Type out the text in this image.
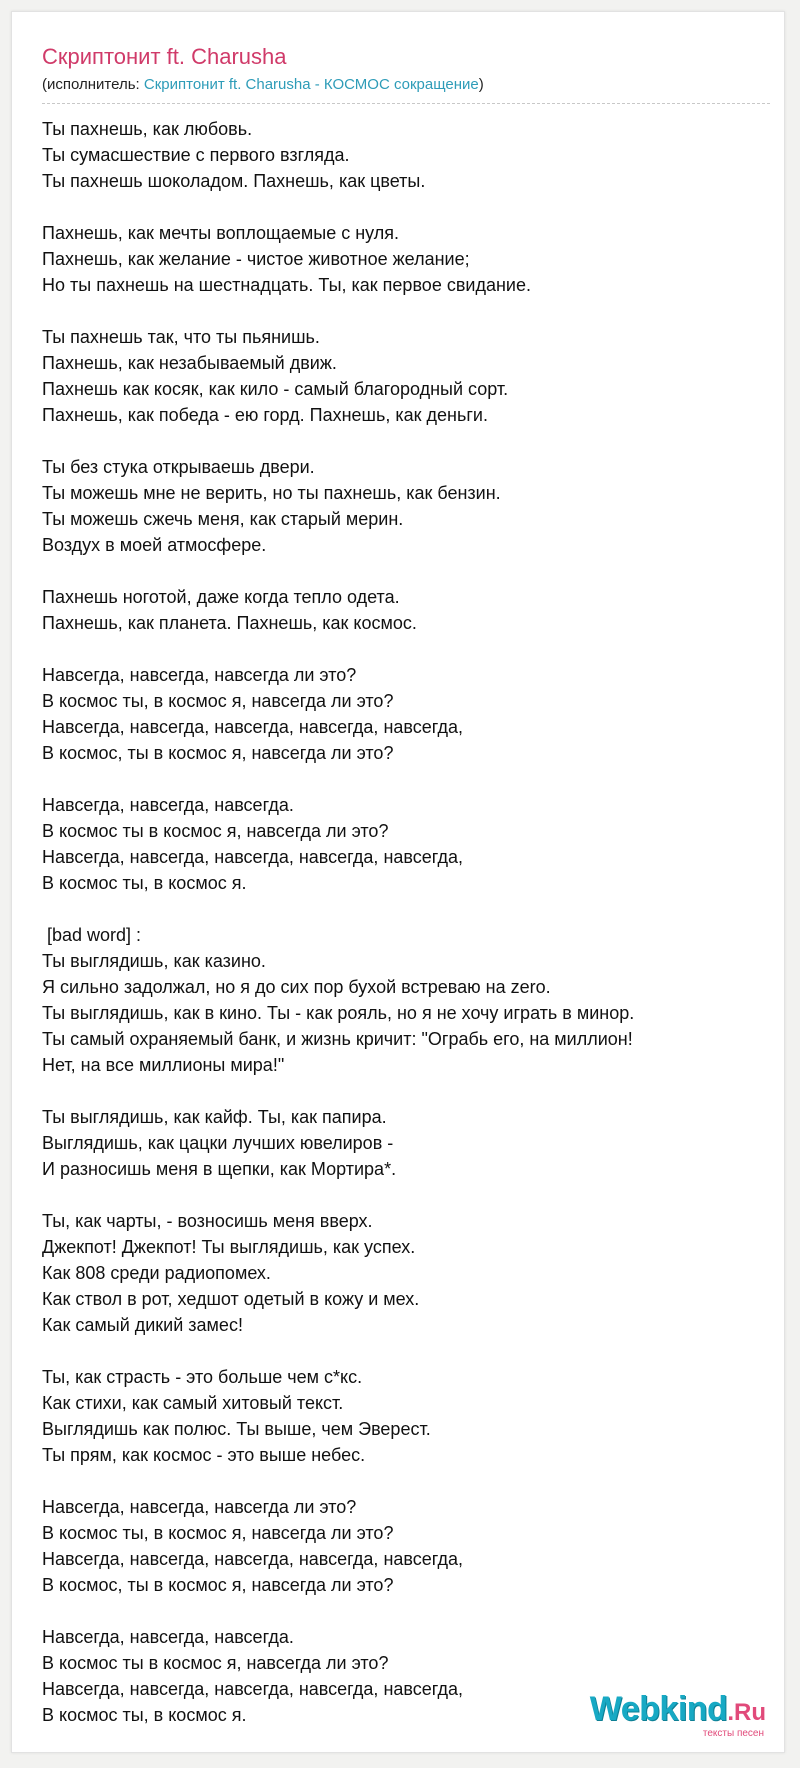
Скриптонит ft. Charusha
(исполнитель: Скриптонит ft. Charusha - КОСМОС сокращение)
Ты пахнешь, как любовь.
Ты сумасшествие с первого взгляда.
Ты пахнешь шоколадом. Пахнешь, как цветы.
Пахнешь, как мечты воплощаемые с нуля.
Пахнешь, как желание - чистое животное желание;
Но ты пахнешь на шестнадцать. Ты, как первое свидание.
Ты пахнешь так, что ты пьянишь.
Пахнешь, как незабываемый движ.
Пахнешь как косяк, как кило - самый благородный сорт.
Пахнешь, как победа - ею горд. Пахнешь, как деньги.
Ты без стука открываешь двери.
Ты можешь мне не верить, но ты пахнешь, как бензин.
Ты можешь сжечь меня, как старый мерин.
Воздух в моей атмосфере.
Пахнешь ноготой, даже когда тепло одета.
Пахнешь, как планета. Пахнешь, как космос.
Навсегда, навсегда, навсегда ли это?
В космос ты, в космос я, навсегда ли это?
Навсегда, навсегда, навсегда, навсегда, навсегда,
В космос, ты в космос я, навсегда ли это?
Навсегда, навсегда, навсегда.
В космос ты в космос я, навсегда ли это?
Навсегда, навсегда, навсегда, навсегда, навсегда,
В космос ты, в космос я.
[bad word] :
Ты выглядишь, как казино.
Я сильно задолжал, но я до сих пор бухой встреваю на zero.
Ты выглядишь, как в кино. Ты - как рояль, но я не хочу играть в минор.
Ты самый охраняемый банк, и жизнь кричит: "Ограбь его, на миллион!
Нет, на все миллионы мира!"
Ты выглядишь, как кайф. Ты, как папира.
Выглядишь, как цацки лучших ювелиров -
И разносишь меня в щепки, как Мортира*.
Ты, как чарты, - возносишь меня вверх.
Джекпот! Джекпот! Ты выглядишь, как успех.
Как 808 среди радиопомех.
Как ствол в рот, хедшот одетый в кожу и мех.
Как самый дикий замес!
Ты, как страсть - это больше чем с*кс.
Как стихи, как самый хитовый текст.
Выглядишь как полюс. Ты выше, чем Эверест.
Ты прям, как космос - это выше небес.
Навсегда, навсегда, навсегда ли это?
В космос ты, в космос я, навсегда ли это?
Навсегда, навсегда, навсегда, навсегда, навсегда,
В космос, ты в космос я, навсегда ли это?
Навсегда, навсегда, навсегда.
В космос ты в космос я, навсегда ли это?
Навсегда, навсегда, навсегда, навсегда, навсегда,
В космос ты, в космос я.	Webkind.Ru
тексты песен
